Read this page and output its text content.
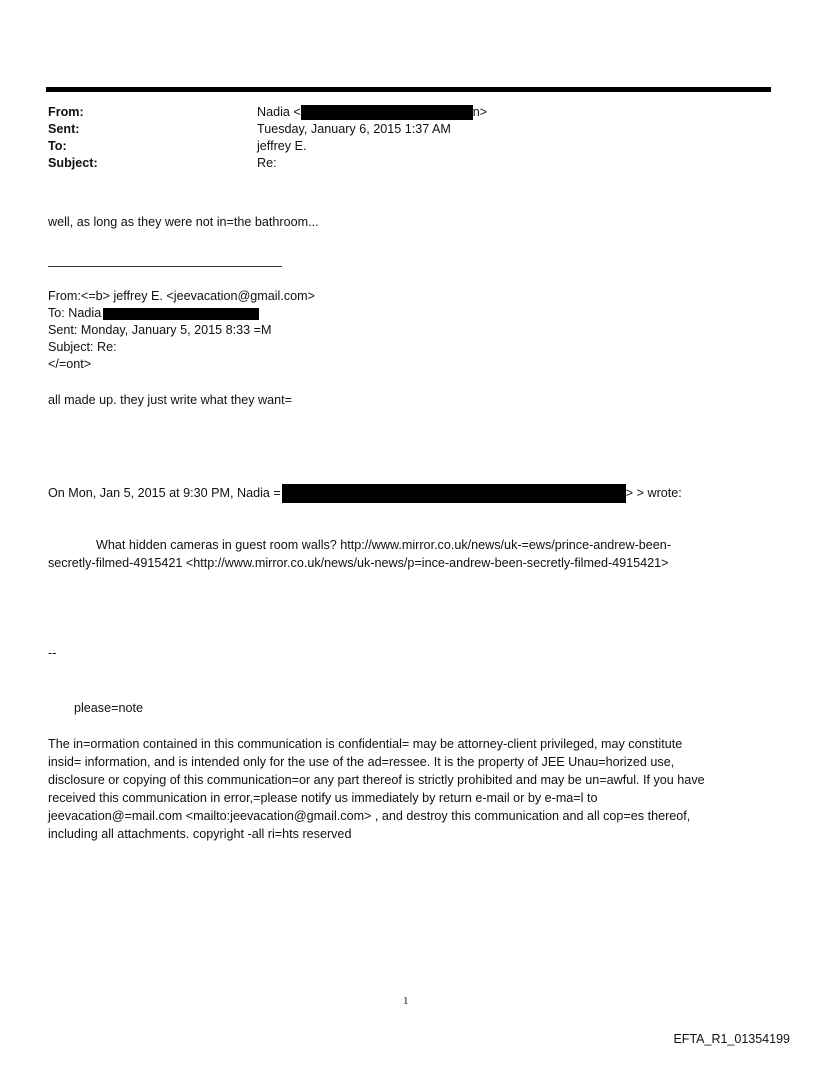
From:	Nadia <	n>
Sent:	Tuesday, January 6, 2015 1:37 AM
To:	jeffrey E.
Subject:	Re:
well, as long as they were not in=the bathroom...
From:<=b> jeffrey E. <jeevacation@gmail.com>
To: Nadia
Sent: Monday, January 5, 2015 8:33 =M
Subject: Re:
</=ont>
all made up. they just write what they want=
On Mon, Jan 5, 2015 at 9:30 PM, Nadia =	> > wrote:
What hidden cameras in guest room walls? http://www.mirror.co.uk/news/uk-=ews/prince-andrew-been-
secretly-filmed-4915421 <http://www.mirror.co.uk/news/uk-news/p=ince-andrew-been-secretly-filmed-4915421>
--
please=note
The in=ormation contained in this communication is confidential= may be attorney-client privileged, may constitute
insid= information, and is intended only for the use of the ad=ressee. It is the property of JEE Unau=horized use,
disclosure or copying of this communication=or any part thereof is strictly prohibited and may be un=awful. If you have
received this communication in error,=please notify us immediately by return e-mail or by e-ma=l to
jeevacation@=mail.com <mailto:jeevacation@gmail.com> , and destroy this communication and all cop=es thereof,
including all attachments. copyright -all ri=hts reserved
1
EFTA_R1_01354199
